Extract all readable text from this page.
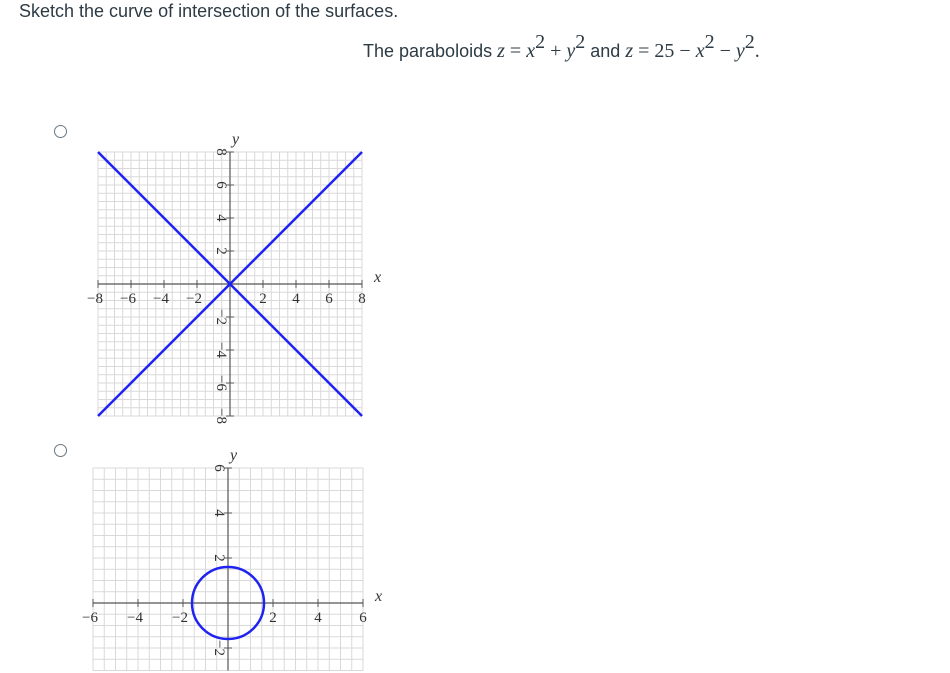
Sketch the curve of intersection of the surfaces.
The paraboloids $z = x^2 + y^2$ and $z = 25 - x^2 - y^2$.
−8 −6 −4 −2	2 4 6 8
8
6
4
2
−2
−4
−6
−8
x
y
−6 −4 −2	2	4	6
6
4
2
−2
x
y
